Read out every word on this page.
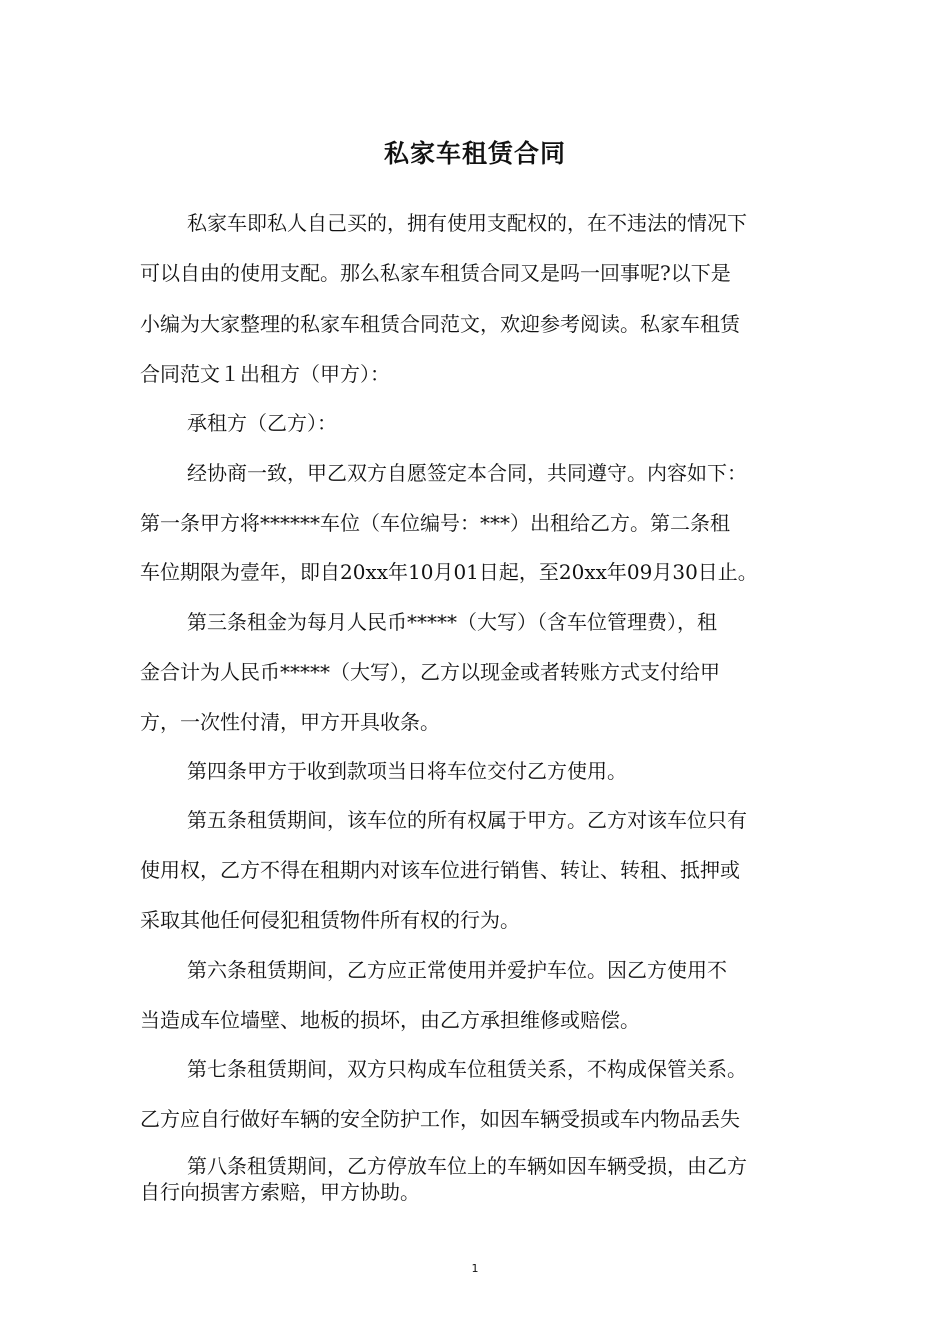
私家车租赁合同
私家车即私人自己买的，拥有使用支配权的，在不违法的情况下
可以自由的使用支配。那么私家车租赁合同又是吗一回事呢?以下是
小编为大家整理的私家车租赁合同范文，欢迎参考阅读。私家车租赁
合同范文１出租方（甲方）：
承租方（乙方）：
经协商一致，甲乙双方自愿签定本合同，共同遵守。内容如下：
第一条甲方将******车位（车位编号：***）出租给乙方。第二条租
车位期限为壹年，即自20xx年10月01日起，至20xx年09月30日止。
第三条租金为每月人民币*****（大写）（含车位管理费），租
金合计为人民币*****（大写），乙方以现金或者转账方式支付给甲
方，一次性付清，甲方开具收条。
第四条甲方于收到款项当日将车位交付乙方使用。
第五条租赁期间，该车位的所有权属于甲方。乙方对该车位只有
使用权，乙方不得在租期内对该车位进行销售、转让、转租、抵押或
采取其他任何侵犯租赁物件所有权的行为。
第六条租赁期间，乙方应正常使用并爱护车位。因乙方使用不
当造成车位墙壁、地板的损坏，由乙方承担维修或赔偿。
第七条租赁期间，双方只构成车位租赁关系，不构成保管关系。
乙方应自行做好车辆的安全防护工作，如因车辆受损或车内物品丢失
第八条租赁期间，乙方停放车位上的车辆如因车辆受损，由乙方
自行向损害方索赔，甲方协助。
1
